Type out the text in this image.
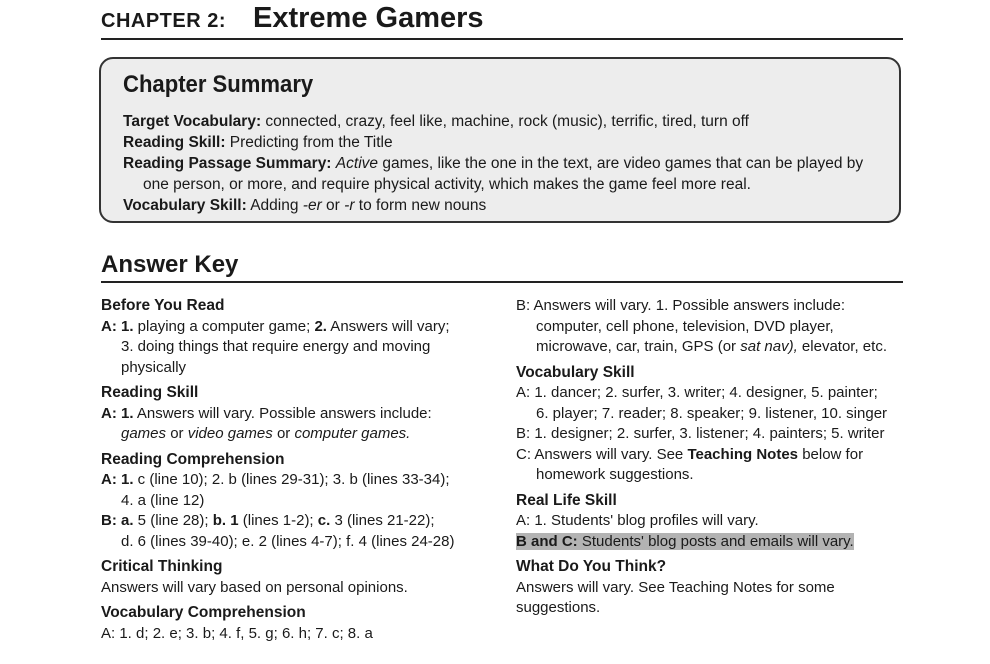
CHAPTER 2: Extreme Gamers
Chapter Summary

Target Vocabulary: connected, crazy, feel like, machine, rock (music), terrific, tired, turn off

Reading Skill: Predicting from the Title

Reading Passage Summary: Active games, like the one in the text, are video games that can be played by

one person, or more, and require physical activity, which makes the game feel more real.

Vocabulary Skill: Adding -er or -r to form new nouns

Answer Key

Before You Read

A: 1. playing a computer game; 2. Answers will vary;

3. doing things that require energy and moving

physically

Reading Skill

A: 1. Answers will vary. Possible answers include:

games or video games or computer games.

Reading Comprehension

A: 1. c (line 10); 2. b (lines 29-31); 3. b (lines 33-34);

4. a (line 12)

B: a. 5 (line 28); b. 1 (lines 1-2); c. 3 (lines 21-22);

d. 6 (lines 39-40); e. 2 (lines 4-7); f. 4 (lines 24-28)

Critical Thinking

Answers will vary based on personal opinions.

Vocabulary Comprehension

A: 1. d; 2. e; 3. b; 4. f, 5. g; 6. h; 7. c; 8. a

B: Answers will vary. 1. Possible answers include:

computer, cell phone, television, DVD player,

microwave, car, train, GPS (or sat nav), elevator, etc.

Vocabulary Skill

A: 1. dancer; 2. surfer, 3. writer; 4. designer, 5. painter;

6. player; 7. reader; 8. speaker; 9. listener, 10. singer

B: 1. designer; 2. surfer, 3. listener; 4. painters; 5. writer

C: Answers will vary. See Teaching Notes below for

homework suggestions.

Real Life Skill

A: 1. Students' blog profiles will vary.

B and C: Students' blog posts and emails will vary.

What Do You Think?

Answers will vary. See Teaching Notes for some

suggestions.
